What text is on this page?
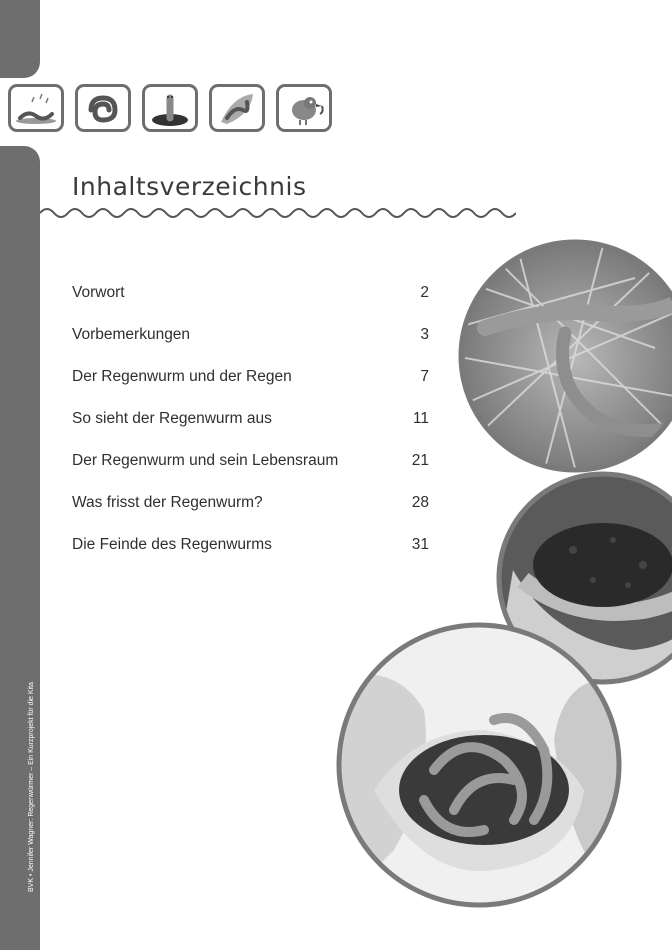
BVK • Jennifer Wagner: Regenwürmer – Ein Kurzprojekt für die Kita
Inhaltsverzeichnis
Vorwort	2
Vorbemerkungen	3
Der Regenwurm und der Regen	7
So sieht der Regenwurm aus	11
Der Regenwurm und sein Lebensraum	21
Was frisst der Regenwurm?	28
Die Feinde des Regenwurms	31
